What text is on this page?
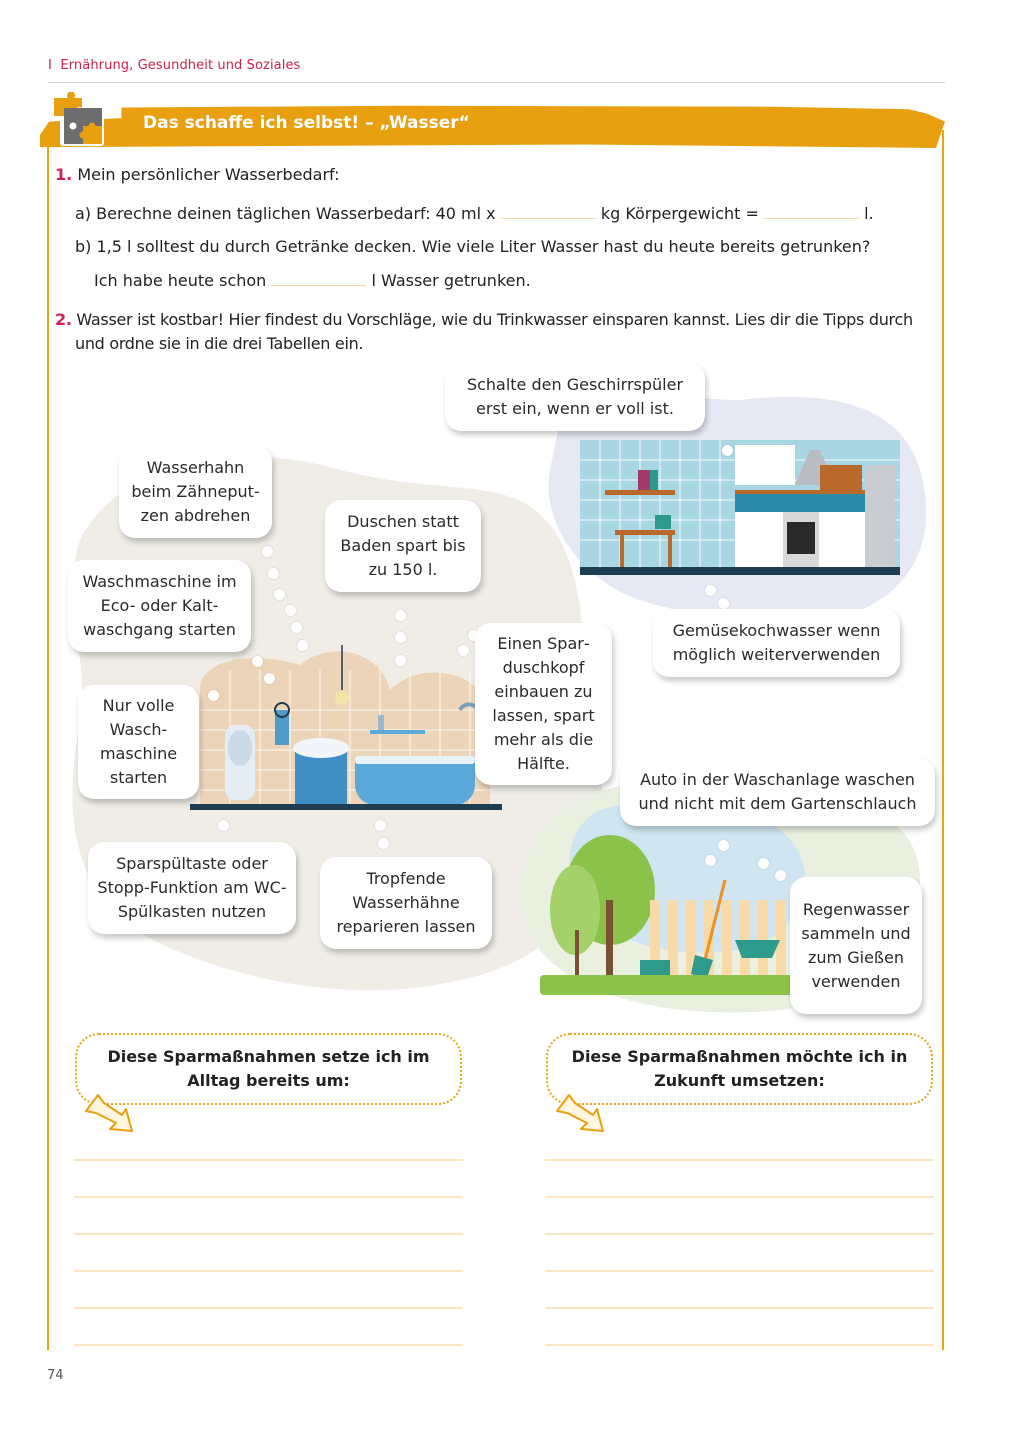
I Ernährung, Gesundheit und Soziales
Das schaffe ich selbst! – „Wasser“
1. Mein persönlicher Wasserbedarf:
a) Berechne deinen täglichen Wasserbedarf: 40 ml x	kg Körpergewicht =	l.
b) 1,5 l solltest du durch Getränke decken. Wie viele Liter Wasser hast du heute bereits getrunken?
Ich habe heute schon	l Wasser getrunken.
2. Wasser ist kostbar! Hier findest du Vorschläge, wie du Trinkwasser einsparen kannst. Lies dir die Tipps durch
und ordne sie in die drei Tabellen ein.
Wasserhahn beim Zähneputzen abdrehen	Duschen statt Baden spart bis zu 150 l.
Waschmaschine im Eco- oder Kaltwaschgang starten
Nur volle Waschmaschine starten
Einen Sparduschkopf einbauen zu lassen, spart mehr als die Hälfte.
Sparspültaste oder Stopp-Funktion am WC-Spülkasten nutzen
Tropfende Wasserhähne reparieren lassen
Schalte den Geschirrspüler erst ein, wenn er voll ist.
Gemüsekochwasser wenn möglich weiterverwenden
Auto in der Waschanlage waschen und nicht mit dem Gartenschlauch
Regenwasser sammeln und zum Gießen verwenden
Diese Sparmaßnahmen setze ich im Alltag bereits um:
Diese Sparmaßnahmen möchte ich in Zukunft umsetzen:
74
